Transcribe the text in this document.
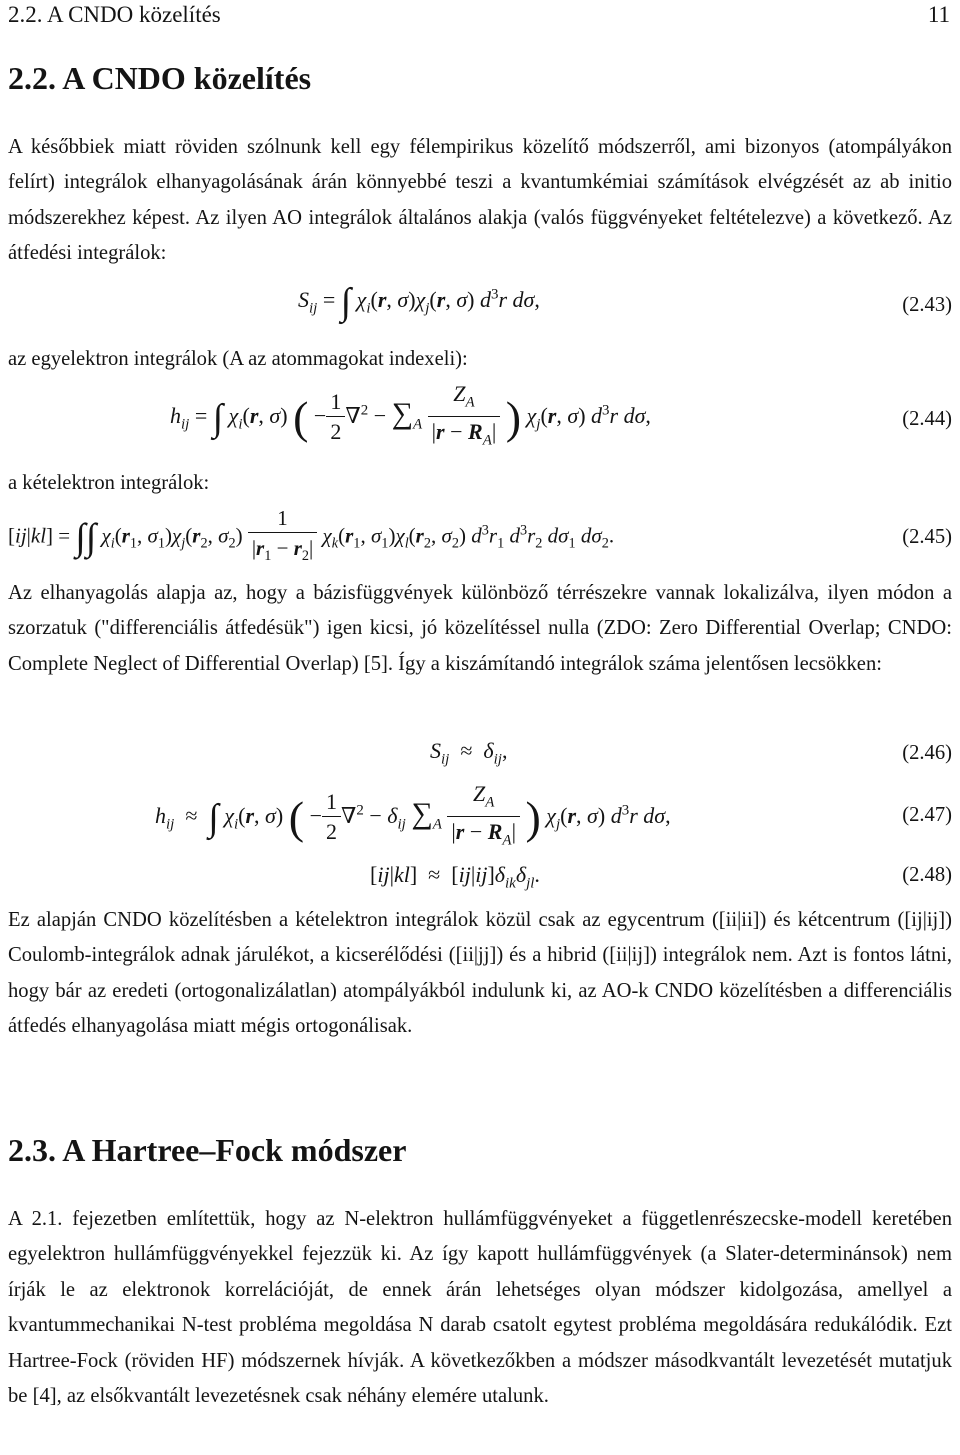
2.2. A CNDO közelítés	11
2.2. A CNDO közelítés

A későbbiek miatt röviden szólnunk kell egy félempirikus közelítő módszerről, ami bizonyos (atompályákon felírt) integrálok elhanyagolásának árán könnyebbé teszi a kvantumkémiai számítások elvégzését az ab initio módszerekhez képest. Az ilyen AO integrálok általános alakja (valós függvényeket feltételezve) a következő. Az átfedési integrálok:

$S_{ij}$ = ∫ $\chi_i(r$, $\sigma)\chi_j(r$, σ) $d^3r$ dσ,	(2.43)
az egyelektron integrálok (A az atommagokat indexeli):
$h_{ij}$ = ∫ $\chi_i(r$, σ) ( − $\frac{1}{2} \nabla^2 - \sum_A \frac{Z_A}{|r - R_A|}$ ) $\chi_j(r$, σ) $d^3r$ dσ,	(2.44)
a kételektron integrálok:
[ij|kl] = ∫∫ $\chi_i(r_1$, $\sigma_1)\chi_j(r_2$, $\sigma_2) \frac{1}{|r_1 - r_2|} \chi_k(r_1$, $\sigma_1)\chi_l(r_2$, $\sigma_2$) $d^3r_1$ $d^3r_2$ $d\sigma_1$ $d\sigma_2$.	(2.45)

Az elhanyagolás alapja az, hogy a bázisfüggvények különböző térrészekre vannak lokalizálva, ilyen módon a szorzatuk ("differenciális átfedésük") igen kicsi, jó közelítéssel nulla (ZDO: Zero Differential Overlap; CNDO: Complete Neglect of Differential Overlap) [5]. Így a kiszámítandó integrálok száma jelentősen lecsökken:

$S_{ij} \approx \delta_{ij}$,	(2.46)
$h_{ij}$  ≈  ∫ $\chi_i(r$, σ) ( − $\frac{1}{2} \nabla^2 - \delta_{ij}$ $\sum_A \frac{Z_A}{|r - R_A|}$ ) $\chi_j(r$, σ) $d^3r$ dσ,	(2.47)
$[ij|kl] \approx [ij|ij]\delta_{ik}\delta_{jl}$.	(2.48)

Ez alapján CNDO közelítésben a kételektron integrálok közül csak az egycentrum ([ii|ii]) és kétcentrum ([ij|ij]) Coulomb-integrálok adnak járulékot, a kicserélődési ([ii|jj]) és a hibrid ([ii|ij]) integrálok nem. Azt is fontos látni, hogy bár az eredeti (ortogonalizálatlan) atompályákból indulunk ki, az AO-k CNDO közelítésben a differenciális átfedés elhanyagolása miatt mégis ortogonálisak.

2.3. A Hartree–Fock módszer

A 2.1. fejezetben említettük, hogy az N-elektron hullámfüggvényeket a függetlenrészecske-modell keretében egyelektron hullámfüggvényekkel fejezzük ki. Az így kapott hullámfüggvények (a Slater-determinánsok) nem írják le az elektronok korrelációját, de ennek árán lehetséges olyan módszer kidolgozása, amellyel a kvantummechanikai N-test probléma megoldása N darab csatolt egytest probléma megoldására redukálódik. Ezt Hartree-Fock (röviden HF) módszernek hívják. A következőkben a módszer másodkvantált levezetését mutatjuk be [4], az elsőkvantált levezetésnek csak néhány elemére utalunk.
